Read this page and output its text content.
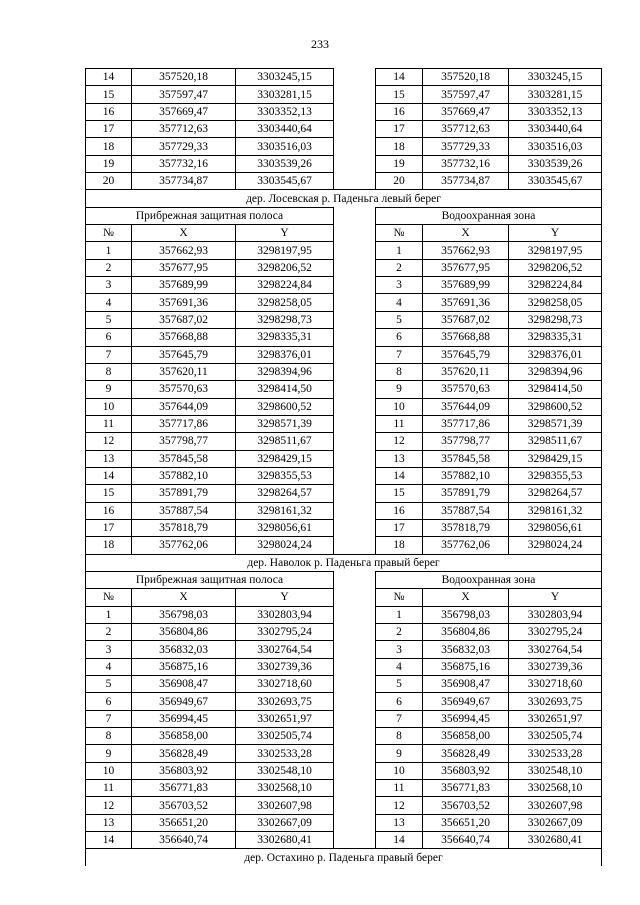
233
14	357520,18	3303245,15		14	357520,18	3303245,15
15	357597,47	3303281,15		15	357597,47	3303281,15
16	357669,47	3303352,13		16	357669,47	3303352,13
17	357712,63	3303440,64		17	357712,63	3303440,64
18	357729,33	3303516,03		18	357729,33	3303516,03
19	357732,16	3303539,26		19	357732,16	3303539,26
20	357734,87	3303545,67		20	357734,87	3303545,67
дер. Лосевская р. Паденьга левый берег						
Прибрежная защитная полоса				Водоохранная зона		
№	X	Y		№	X	Y
1	357662,93	3298197,95		1	357662,93	3298197,95
2	357677,95	3298206,52		2	357677,95	3298206,52
3	357689,99	3298224,84		3	357689,99	3298224,84
4	357691,36	3298258,05		4	357691,36	3298258,05
5	357687,02	3298298,73		5	357687,02	3298298,73
6	357668,88	3298335,31		6	357668,88	3298335,31
7	357645,79	3298376,01		7	357645,79	3298376,01
8	357620,11	3298394,96		8	357620,11	3298394,96
9	357570,63	3298414,50		9	357570,63	3298414,50
10	357644,09	3298600,52		10	357644,09	3298600,52
11	357717,86	3298571,39		11	357717,86	3298571,39
12	357798,77	3298511,67		12	357798,77	3298511,67
13	357845,58	3298429,15		13	357845,58	3298429,15
14	357882,10	3298355,53		14	357882,10	3298355,53
15	357891,79	3298264,57		15	357891,79	3298264,57
16	357887,54	3298161,32		16	357887,54	3298161,32
17	357818,79	3298056,61		17	357818,79	3298056,61
18	357762,06	3298024,24		18	357762,06	3298024,24
дер. Наволок р. Паденьга правый берег						
Прибрежная защитная полоса				Водоохранная зона		
№	X	Y		№	X	Y
1	356798,03	3302803,94		1	356798,03	3302803,94
2	356804,86	3302795,24		2	356804,86	3302795,24
3	356832,03	3302764,54		3	356832,03	3302764,54
4	356875,16	3302739,36		4	356875,16	3302739,36
5	356908,47	3302718,60		5	356908,47	3302718,60
6	356949,67	3302693,75		6	356949,67	3302693,75
7	356994,45	3302651,97		7	356994,45	3302651,97
8	356858,00	3302505,74		8	356858,00	3302505,74
9	356828,49	3302533,28		9	356828,49	3302533,28
10	356803,92	3302548,10		10	356803,92	3302548,10
11	356771,83	3302568,10		11	356771,83	3302568,10
12	356703,52	3302607,98		12	356703,52	3302607,98
13	356651,20	3302667,09		13	356651,20	3302667,09
14	356640,74	3302680,41		14	356640,74	3302680,41
дер. Остахино р. Паденьга правый берег						
